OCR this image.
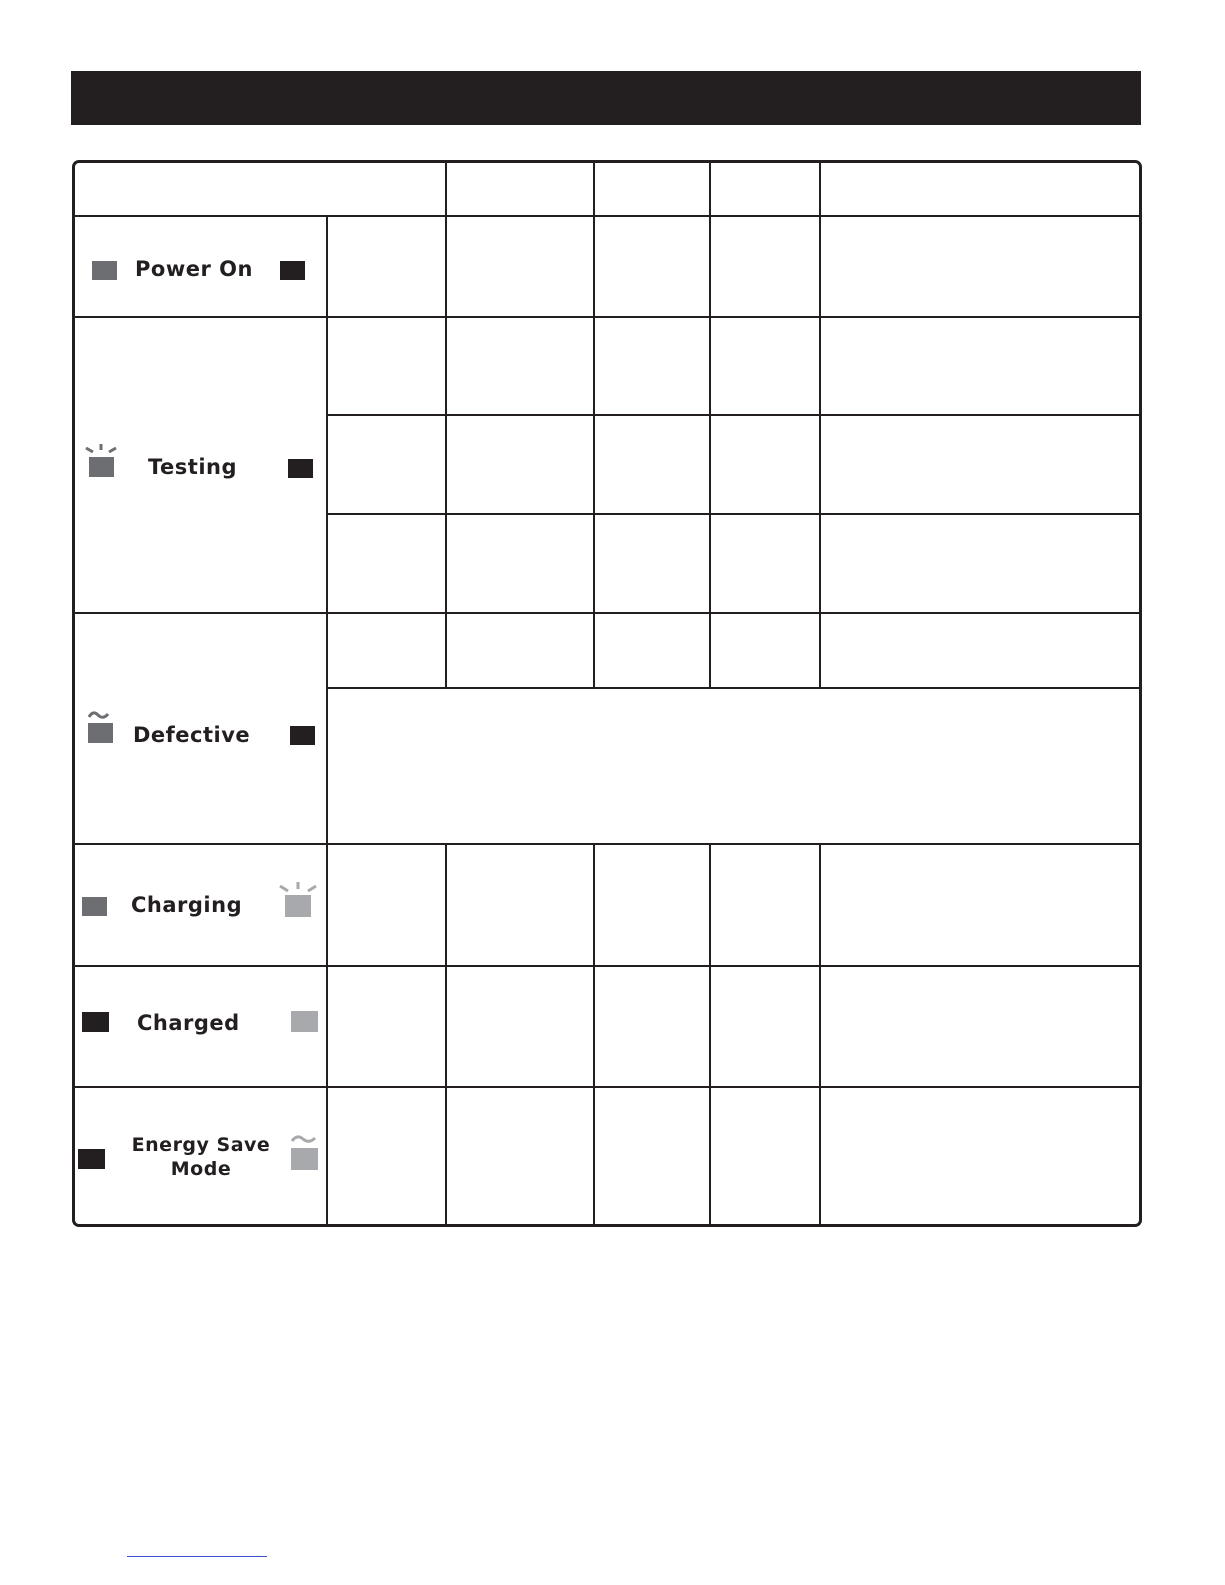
Power On
Testing
Defective
Charging
Charged
Energy Save
Mode
